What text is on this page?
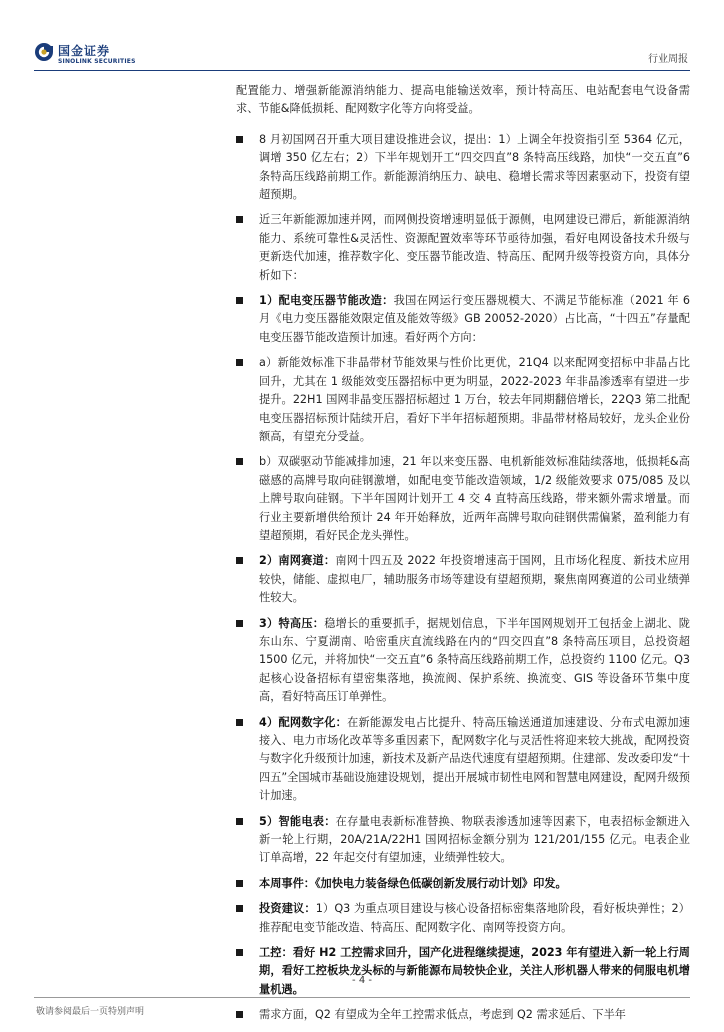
国金证券
SINOLINK SECURITIES	行业周报

配置能力、增强新能源消纳能力、提高电能输送效率，预计特高压、电站配套电气设备需求、节能&降低损耗、配网数字化等方向将受益。

8 月初国网召开重大项目建设推进会议，提出：1）上调全年投资指引至 5364 亿元，调增 350 亿左右；2）下半年规划开工“四交四直”8 条特高压线路，加快“一交五直”6 条特高压线路前期工作。新能源消纳压力、缺电、稳增长需求等因素驱动下，投资有望超预期。

近三年新能源加速并网，而网侧投资增速明显低于源侧，电网建设已滞后，新能源消纳能力、系统可靠性&灵活性、资源配置效率等环节亟待加强，看好电网设备技术升级与更新迭代加速，推荐数字化、变压器节能改造、特高压、配网升级等投资方向，具体分析如下：

1）配电变压器节能改造：我国在网运行变压器规模大、不满足节能标准（2021 年 6 月《电力变压器能效限定值及能效等级》GB 20052-2020）占比高，“十四五”存量配电变压器节能改造预计加速。看好两个方向：

a）新能效标准下非晶带材节能效果与性价比更优，21Q4 以来配网变招标中非晶占比回升，尤其在 1 级能效变压器招标中更为明显，2022-2023 年非晶渗透率有望进一步提升。22H1 国网非晶变压器招标超过 1 万台，较去年同期翻倍增长，22Q3 第二批配电变压器招标预计陆续开启，看好下半年招标超预期。非晶带材格局较好，龙头企业份额高，有望充分受益。

b）双碳驱动节能减排加速，21 年以来变压器、电机新能效标准陆续落地，低损耗&高磁感的高牌号取向硅钢激增，如配电变节能改造领域，1/2 级能效要求 075/085 及以上牌号取向硅钢。下半年国网计划开工 4 交 4 直特高压线路，带来额外需求增量。而行业主要新增供给预计 24 年开始释放，近两年高牌号取向硅钢供需偏紧，盈利能力有望超预期，看好民企龙头弹性。

2）南网赛道：南网十四五及 2022 年投资增速高于国网，且市场化程度、新技术应用较快，储能、虚拟电厂，辅助服务市场等建设有望超预期，聚焦南网赛道的公司业绩弹性较大。

3）特高压：稳增长的重要抓手，据规划信息，下半年国网规划开工包括金上湖北、陇东山东、宁夏湖南、哈密重庆直流线路在内的“四交四直”8 条特高压项目，总投资超 1500 亿元，并将加快“一交五直”6 条特高压线路前期工作，总投资约 1100 亿元。Q3 起核心设备招标有望密集落地，换流阀、保护系统、换流变、GIS 等设备环节集中度高，看好特高压订单弹性。

4）配网数字化：在新能源发电占比提升、特高压输送通道加速建设、分布式电源加速接入、电力市场化改革等多重因素下，配网数字化与灵活性将迎来较大挑战，配网投资与数字化升级预计加速，新技术及新产品迭代速度有望超预期。住建部、发改委印发“十四五”全国城市基础设施建设规划，提出开展城市韧性电网和智慧电网建设，配网升级预计加速。

5）智能电表：在存量电表新标准替换、物联表渗透加速等因素下，电表招标金额进入新一轮上行期，20A/21A/22H1 国网招标金额分别为 121/201/155 亿元。电表企业订单高增，22 年起交付有望加速，业绩弹性较大。

本周事件：《加快电力装备绿色低碳创新发展行动计划》印发。

投资建议：1）Q3 为重点项目建设与核心设备招标密集落地阶段，看好板块弹性；2）推荐配电变节能改造、特高压、配网数字化、南网等投资方向。

工控：看好 H2 工控需求回升，国产化进程继续提速，2023 年有望进入新一轮上行周期，看好工控板块龙头标的与新能源布局较快企业，关注人形机器人带来的伺服电机增量机遇。

需求方面，Q2 有望成为全年工控需求低点，考虑到 Q2 需求延后、下半年

- 4 -
敬请参阅最后一页特别声明
